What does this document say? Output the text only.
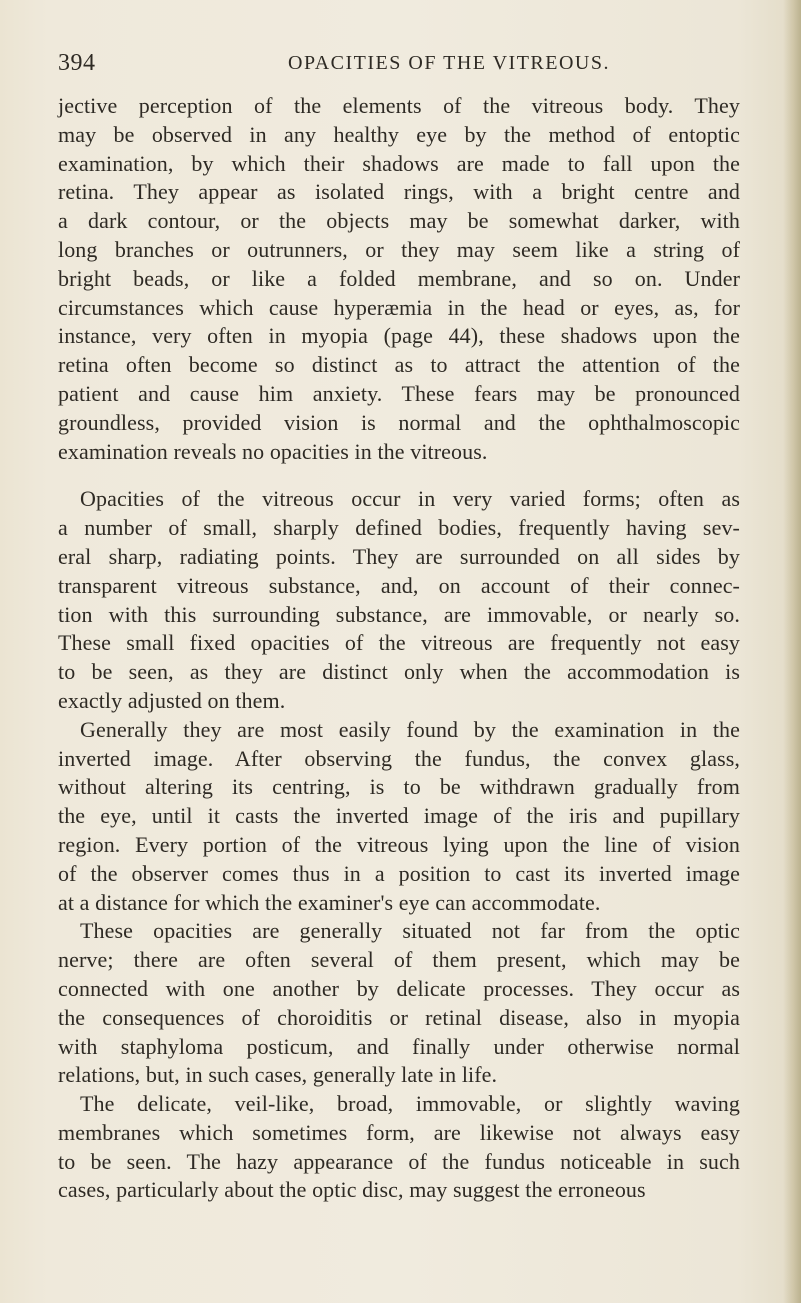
394	OPACITIES OF THE VITREOUS.
jective perception of the elements of the vitreous body. They
may be observed in any healthy eye by the method of entoptic
examination, by which their shadows are made to fall upon the
retina. They appear as isolated rings, with a bright centre and
a dark contour, or the objects may be somewhat darker, with
long branches or outrunners, or they may seem like a string of
bright beads, or like a folded membrane, and so on. Under
circumstances which cause hyperæmia in the head or eyes, as, for
instance, very often in myopia (page 44), these shadows upon the
retina often become so distinct as to attract the attention of the
patient and cause him anxiety. These fears may be pronounced
groundless, provided vision is normal and the ophthalmoscopic
examination reveals no opacities in the vitreous.
Opacities of the vitreous occur in very varied forms; often as
a number of small, sharply defined bodies, frequently having sev-
eral sharp, radiating points. They are surrounded on all sides by
transparent vitreous substance, and, on account of their connec-
tion with this surrounding substance, are immovable, or nearly so.
These small fixed opacities of the vitreous are frequently not easy
to be seen, as they are distinct only when the accommodation is
exactly adjusted on them.
Generally they are most easily found by the examination in the
inverted image. After observing the fundus, the convex glass,
without altering its centring, is to be withdrawn gradually from
the eye, until it casts the inverted image of the iris and pupillary
region. Every portion of the vitreous lying upon the line of vision
of the observer comes thus in a position to cast its inverted image
at a distance for which the examiner's eye can accommodate.
These opacities are generally situated not far from the optic
nerve; there are often several of them present, which may be
connected with one another by delicate processes. They occur as
the consequences of choroiditis or retinal disease, also in myopia
with staphyloma posticum, and finally under otherwise normal
relations, but, in such cases, generally late in life.
The delicate, veil-like, broad, immovable, or slightly waving
membranes which sometimes form, are likewise not always easy
to be seen. The hazy appearance of the fundus noticeable in such
cases, particularly about the optic disc, may suggest the erroneous
